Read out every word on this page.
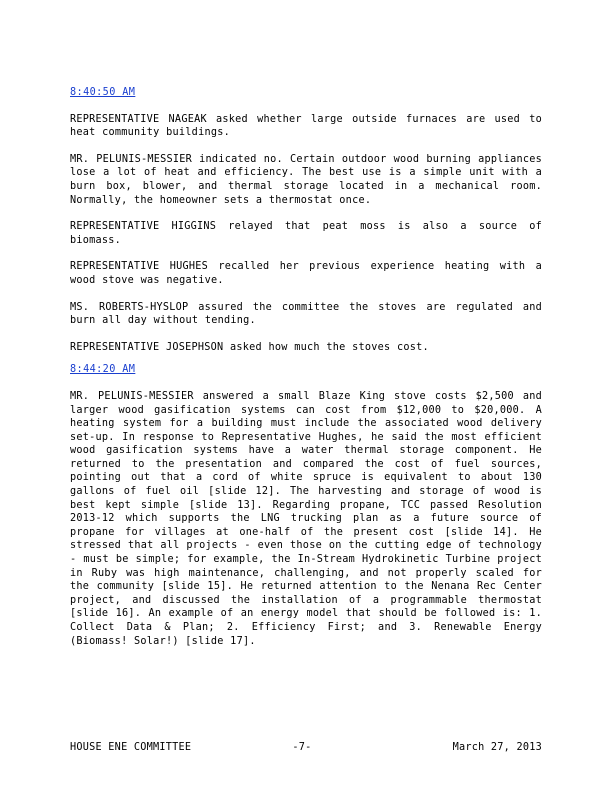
8:40:50 AM

REPRESENTATIVE NAGEAK asked whether large outside furnaces are used to heat community buildings.

MR. PELUNIS-MESSIER indicated no. Certain outdoor wood burning appliances lose a lot of heat and efficiency. The best use is a simple unit with a burn box, blower, and thermal storage located in a mechanical room. Normally, the homeowner sets a thermostat once.

REPRESENTATIVE HIGGINS relayed that peat moss is also a source of biomass.

REPRESENTATIVE HUGHES recalled her previous experience heating with a wood stove was negative.

MS. ROBERTS-HYSLOP assured the committee the stoves are regulated and burn all day without tending.

REPRESENTATIVE JOSEPHSON asked how much the stoves cost.

8:44:20 AM

MR. PELUNIS-MESSIER answered a small Blaze King stove costs $2,500 and larger wood gasification systems can cost from $12,000 to $20,000. A heating system for a building must include the associated wood delivery set-up. In response to Representative Hughes, he said the most efficient wood gasification systems have a water thermal storage component. He returned to the presentation and compared the cost of fuel sources, pointing out that a cord of white spruce is equivalent to about 130 gallons of fuel oil [slide 12]. The harvesting and storage of wood is best kept simple [slide 13]. Regarding propane, TCC passed Resolution 2013-12 which supports the LNG trucking plan as a future source of propane for villages at one-half of the present cost [slide 14]. He stressed that all projects - even those on the cutting edge of technology - must be simple; for example, the In-Stream Hydrokinetic Turbine project in Ruby was high maintenance, challenging, and not properly scaled for the community [slide 15]. He returned attention to the Nenana Rec Center project, and discussed the installation of a programmable thermostat [slide 16]. An example of an energy model that should be followed is: 1. Collect Data & Plan; 2. Efficiency First; and 3. Renewable Energy (Biomass! Solar!) [slide 17].

HOUSE ENE COMMITTEE	-7-	March 27, 2013
